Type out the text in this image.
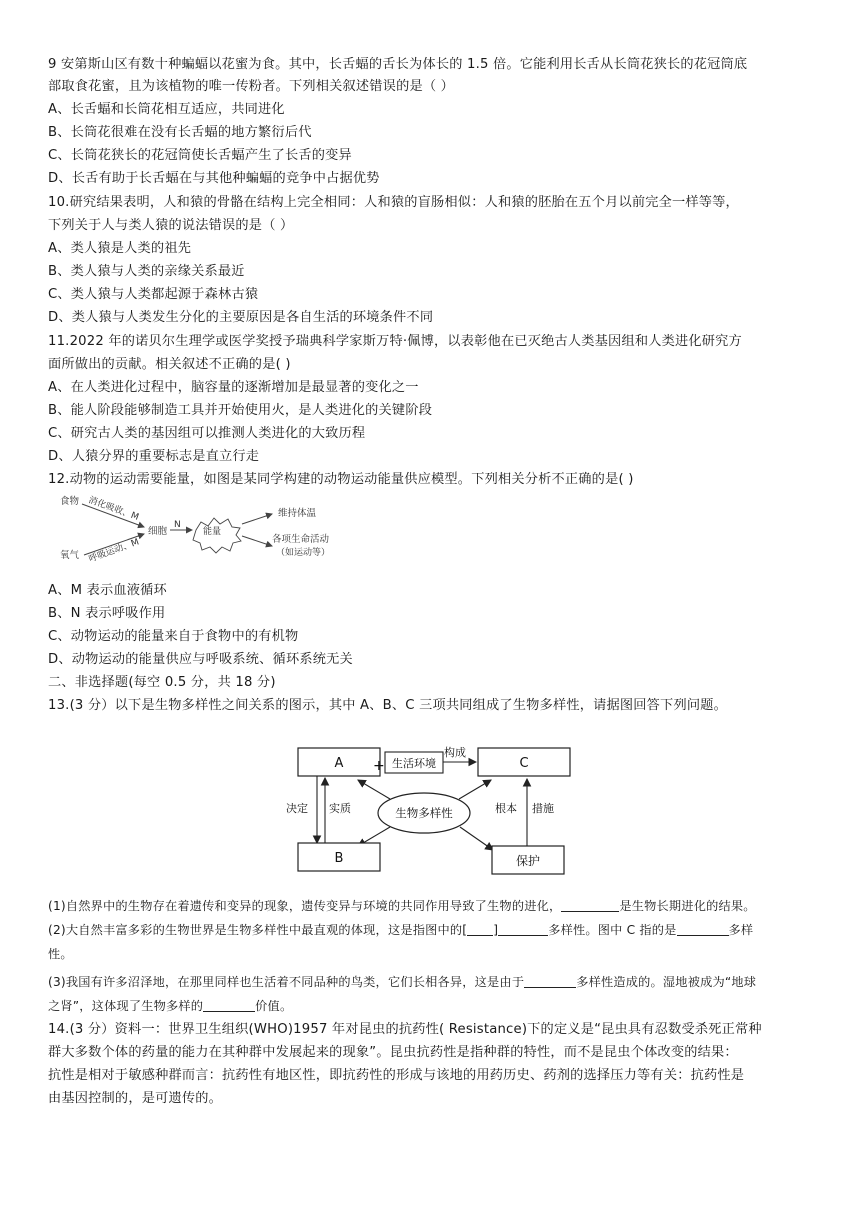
9 安第斯山区有数十种蝙蝠以花蜜为食。其中，长舌蝠的舌长为体长的 1.5 倍。它能利用长舌从长筒花狭长的花冠筒底
部取食花蜜，且为该植物的唯一传粉者。下列相关叙述错误的是（ ）
A、长舌蝠和长筒花相互适应，共同进化
B、长筒花很难在没有长舌蝠的地方繁衍后代
C、长筒花狭长的花冠筒使长舌蝠产生了长舌的变异
D、长舌有助于长舌蝠在与其他种蝙蝠的竞争中占据优势
10.研究结果表明，人和猿的骨骼在结构上完全相同：人和猿的盲肠相似：人和猿的胚胎在五个月以前完全一样等等，
下列关于人与类人猿的说法错误的是（ ）
A、类人猿是人类的祖先
B、类人猿与人类的亲缘关系最近
C、类人猿与人类都起源于森林古猿
D、类人猿与人类发生分化的主要原因是各自生活的环境条件不同
11.2022 年的诺贝尔生理学或医学奖授予瑞典科学家斯万特·佩博，以表彰他在已灭绝古人类基因组和人类进化研究方
面所做出的贡献。相关叙述不正确的是( )
A、在人类进化过程中，脑容量的逐渐增加是最显著的变化之一
B、能人阶段能够制造工具并开始使用火，是人类进化的关键阶段
C、研究古人类的基因组可以推测人类进化的大致历程
D、人猿分界的重要标志是直立行走
12.动物的运动需要能量，如图是某同学构建的动物运动能量供应模型。下列相关分析不正确的是( )
食物
氧气
消化吸收、M
呼吸运动、M
细胞
N
能量
维持体温
各项生命活动
（如运动等）
A、M 表示血液循环
B、N 表示呼吸作用
C、动物运动的能量来自于食物中的有机物
D、动物运动的能量供应与呼吸系统、循环系统无关
二、非选择题(每空 0.5 分，共 18 分)
13.(3 分）以下是生物多样性之间关系的图示，其中 A、B、C 三项共同组成了生物多样性，请据图回答下列问题。
A + 生活环境
构成
C
决定 实质	生物多样性
B
根本 措施
保护
(1)自然界中的生物存在着遗传和变异的现象，遗传变异与环境的共同作用导致了生物的进化，	是生物长期进化的结果。
(2)大自然丰富多彩的生物世界是生物多样性中最直观的体现，这是指图中的[ ]	多样性。图中 C 指的是	多样
性。
(3)我国有许多沼泽地，在那里同样也生活着不同品种的鸟类，它们长相各异，这是由于	多样性造成的。湿地被成为“地球
之肾”，这体现了生物多样的	价值。
14.(3 分）资料一：世界卫生组织(WHO)1957 年对昆虫的抗药性( Resistance)下的定义是“昆虫具有忍数受杀死正常种
群大多数个体的药量的能力在其种群中发展起来的现象”。昆虫抗药性是指种群的特性，而不是昆虫个体改变的结果：
抗性是相对于敏感种群而言：抗药性有地区性，即抗药性的形成与该地的用药历史、药剂的选择压力等有关：抗药性是
由基因控制的，是可遗传的。
